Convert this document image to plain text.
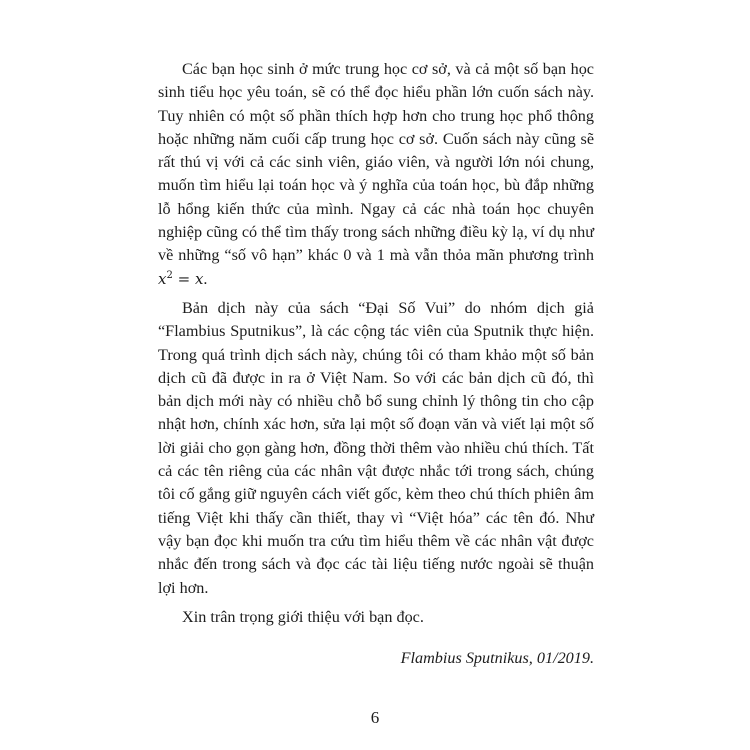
Các bạn học sinh ở mức trung học cơ sở, và cả một số bạn học sinh tiểu học yêu toán, sẽ có thể đọc hiểu phần lớn cuốn sách này. Tuy nhiên có một số phần thích hợp hơn cho trung học phổ thông hoặc những năm cuối cấp trung học cơ sở. Cuốn sách này cũng sẽ rất thú vị với cả các sinh viên, giáo viên, và người lớn nói chung, muốn tìm hiểu lại toán học và ý nghĩa của toán học, bù đắp những lỗ hổng kiến thức của mình. Ngay cả các nhà toán học chuyên nghiệp cũng có thể tìm thấy trong sách những điều kỳ lạ, ví dụ như về những “số vô hạn” khác 0 và 1 mà vẫn thỏa mãn phương trình $x^2 = x$.

Bản dịch này của sách “Đại Số Vui” do nhóm dịch giả “Flambius Sputnikus”, là các cộng tác viên của Sputnik thực hiện. Trong quá trình dịch sách này, chúng tôi có tham khảo một số bản dịch cũ đã được in ra ở Việt Nam. So với các bản dịch cũ đó, thì bản dịch mới này có nhiều chỗ bổ sung chỉnh lý thông tin cho cập nhật hơn, chính xác hơn, sửa lại một số đoạn văn và viết lại một số lời giải cho gọn gàng hơn, đồng thời thêm vào nhiều chú thích. Tất cả các tên riêng của các nhân vật được nhắc tới trong sách, chúng tôi cố gắng giữ nguyên cách viết gốc, kèm theo chú thích phiên âm tiếng Việt khi thấy cần thiết, thay vì “Việt hóa” các tên đó. Như vậy bạn đọc khi muốn tra cứu tìm hiểu thêm về các nhân vật được nhắc đến trong sách và đọc các tài liệu tiếng nước ngoài sẽ thuận lợi hơn.

Xin trân trọng giới thiệu với bạn đọc.

Flambius Sputnikus, 01/2019.

6
